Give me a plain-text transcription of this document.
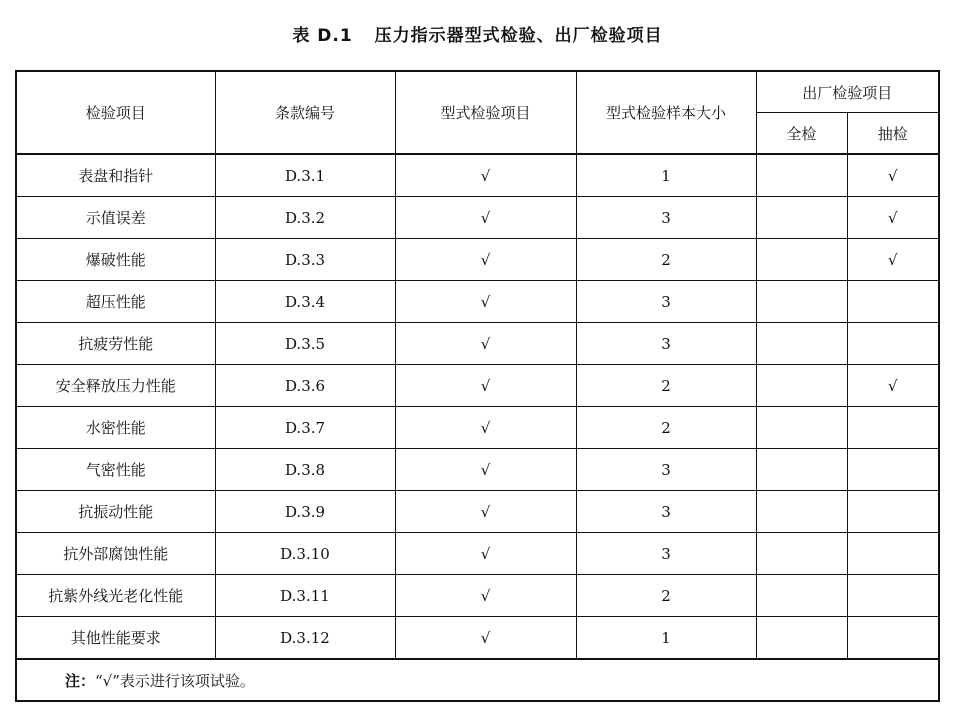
表 D.1 压力指示器型式检验、出厂检验项目
检验项目	条款编号	型式检验项目	型式检验样本大小	出厂检验项目	
				全检	抽检
表盘和指针	D.3.1	√	1		√
示值误差	D.3.2	√	3		√
爆破性能	D.3.3	√	2		√
超压性能	D.3.4	√	3		
抗疲劳性能	D.3.5	√	3		
安全释放压力性能	D.3.6	√	2		√
水密性能	D.3.7	√	2		
气密性能	D.3.8	√	3		
抗振动性能	D.3.9	√	3		
抗外部腐蚀性能	D.3.10	√	3		
抗紫外线光老化性能	D.3.11	√	2		
其他性能要求	D.3.12	√	1		
注：“√”表示进行该项试验。					
